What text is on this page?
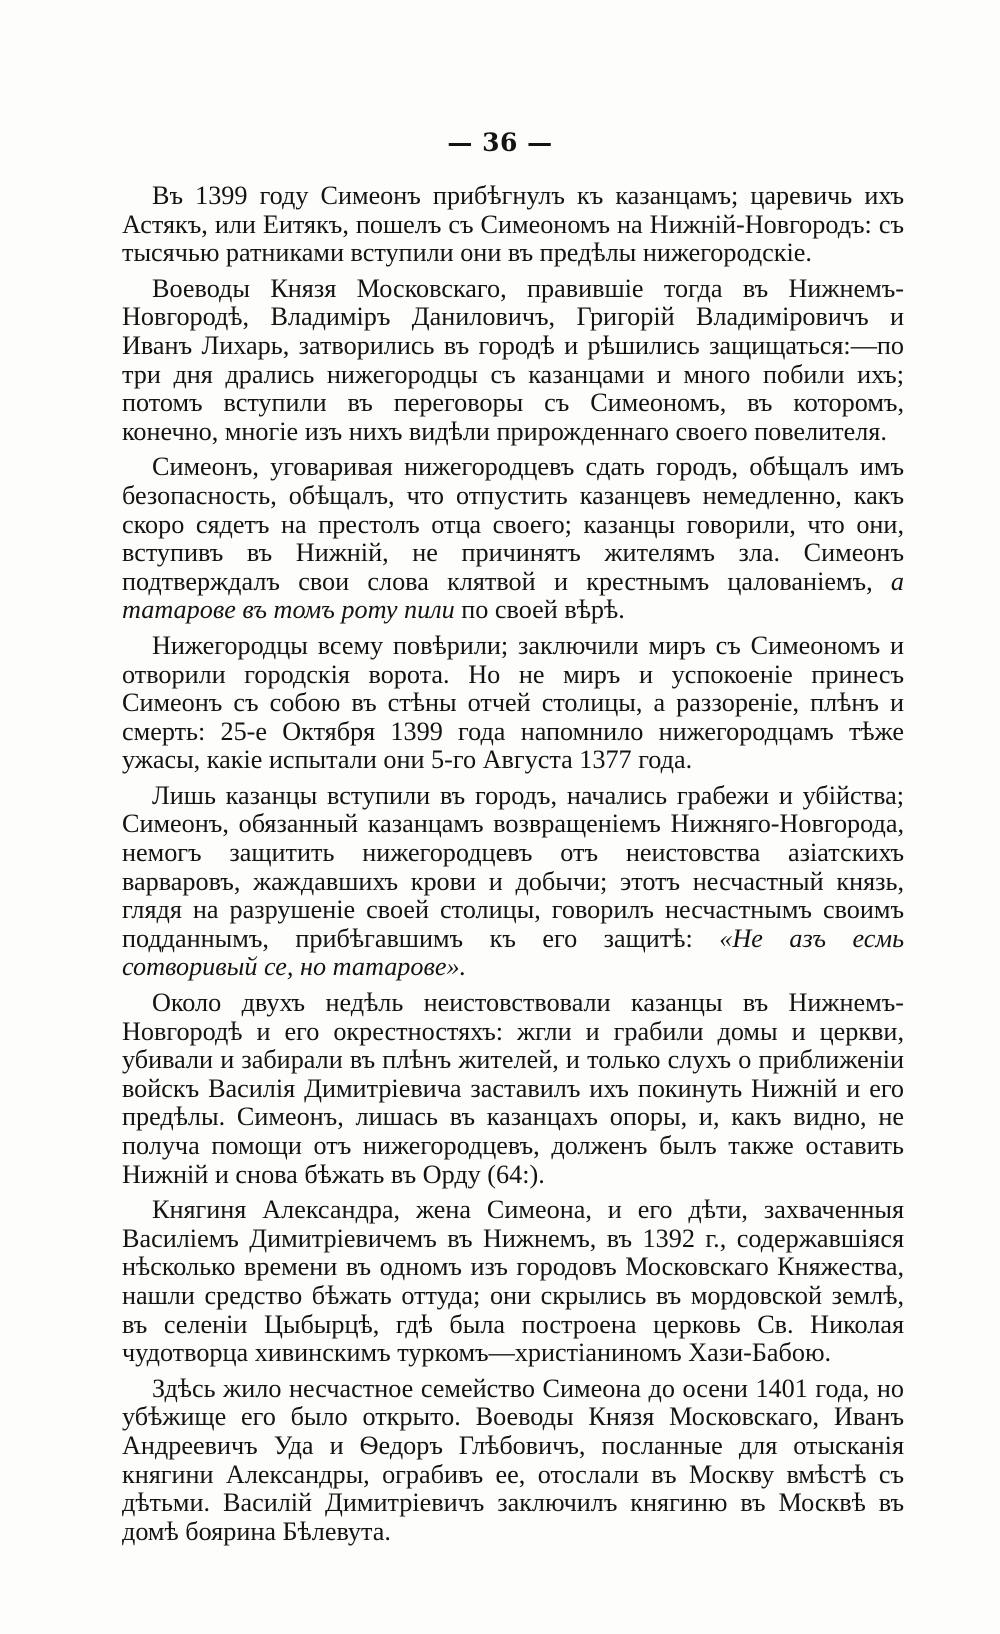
— 36 —

Въ 1399 году Симеонъ прибѣгнулъ къ казанцамъ; царевичь ихъ Астякъ, или Еитякъ, пошелъ съ Симеономъ на Нижній-Новгородъ: съ тысячью ратниками вступили они въ предѣлы нижегородскіе.

Воеводы Князя Московскаго, правившіе тогда въ Нижнемъ-Новгородѣ, Владиміръ Даниловичъ, Григорій Владиміровичъ и Иванъ Лихарь, затворились въ городѣ и рѣшились защищаться:—по три дня дрались нижегородцы съ казанцами и много побили ихъ; потомъ вступили въ переговоры съ Симеономъ, въ которомъ, конечно, многіе изъ нихъ видѣли прирожденнаго своего повелителя.

Симеонъ, уговаривая нижегородцевъ сдать городъ, обѣщалъ имъ безопасность, обѣщалъ, что отпустить казанцевъ немедленно, какъ скоро сядетъ на престолъ отца своего; казанцы говорили, что они, вступивъ въ Нижній, не причинятъ жителямъ зла. Симеонъ подтверждалъ свои слова клятвой и крестнымъ цалованіемъ, а татарове въ томъ роту пили по своей вѣрѣ.

Нижегородцы всему повѣрили; заключили миръ съ Симеономъ и отворили городскія ворота. Но не миръ и успокоеніе принесъ Симеонъ съ собою въ стѣны отчей столицы, а раззореніе, плѣнъ и смерть: 25-е Октября 1399 года напомнило нижегородцамъ тѣже ужасы, какіе испытали они 5-го Августа 1377 года.

Лишь казанцы вступили въ городъ, начались грабежи и убійства; Симеонъ, обязанный казанцамъ возвращеніемъ Нижняго-Новгорода, немогъ защитить нижегородцевъ отъ неистовства азіатскихъ варваровъ, жаждавшихъ крови и добычи; этотъ несчастный князь, глядя на разрушеніе своей столицы, говорилъ несчастнымъ своимъ подданнымъ, прибѣгавшимъ къ его защитѣ: «Не азъ есмь сотворивый се, но татарове».

Около двухъ недѣль неистовствовали казанцы въ Нижнемъ-Новгородѣ и его окрестностяхъ: жгли и грабили домы и церкви, убивали и забирали въ плѣнъ жителей, и только слухъ о приближеніи войскъ Василія Димитріевича заставилъ ихъ покинуть Нижній и его предѣлы. Симеонъ, лишась въ казанцахъ опоры, и, какъ видно, не получа помощи отъ нижегородцевъ, долженъ былъ также оставить Нижній и снова бѣжать въ Орду (64:).

Княгиня Александра, жена Симеона, и его дѣти, захваченныя Василіемъ Димитріевичемъ въ Нижнемъ, въ 1392 г., содержавшіяся нѣсколько времени въ одномъ изъ городовъ Московскаго Княжества, нашли средство бѣжать оттуда; они скрылись въ мордовской землѣ, въ селеніи Цыбырцѣ, гдѣ была построена церковь Св. Николая чудотворца хивинскимъ туркомъ—христіаниномъ Хази-Бабою.

Здѣсь жило несчастное семейство Симеона до осени 1401 года, но убѣжище его было открыто. Воеводы Князя Московскаго, Иванъ Андреевичъ Уда и Ѳедоръ Глѣбовичъ, посланные для отысканія княгини Александры, ограбивъ ее, отослали въ Москву вмѣстѣ съ дѣтьми. Василій Димитріевичъ заключилъ княгиню въ Москвѣ въ домѣ боярина Бѣлевута.
